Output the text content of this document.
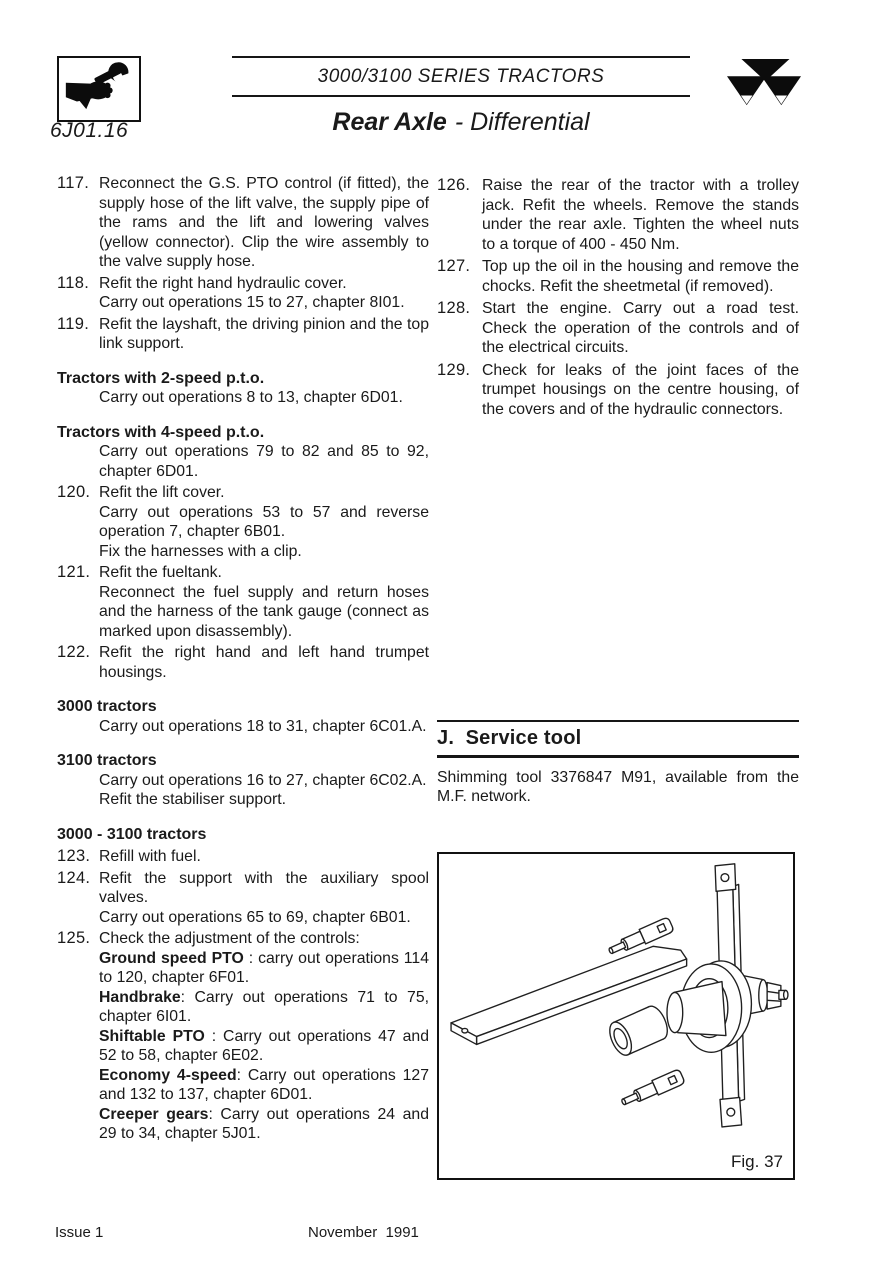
6J01.16
3000/3100 SERIES TRACTORS
Rear Axle - Differential
117. Reconnect the G.S. PTO control (if fitted), the supply hose of the lift valve, the supply pipe of the rams and the lift and lowering valves (yellow connector). Clip the wire assembly to the valve supply hose.

118. Refit the right hand hydraulic cover.

Carry out operations 15 to 27, chapter 8I01.

119. Refit the layshaft, the driving pinion and the top link support.

Tractors with 2-speed p.t.o.

Carry out operations 8 to 13, chapter 6D01.

Tractors with 4-speed p.t.o.

Carry out operations 79 to 82 and 85 to 92, chapter 6D01.

120. Refit the lift cover.

Carry out operations 53 to 57 and reverse operation 7, chapter 6B01.

Fix the harnesses with a clip.

121. Refit the fueltank.

Reconnect the fuel supply and return hoses and the harness of the tank gauge (connect as marked upon disassembly).

122. Refit the right hand and left hand trumpet housings.

3000 tractors

Carry out operations 18 to 31, chapter 6C01.A.

3100 tractors

Carry out operations 16 to 27, chapter 6C02.A.

Refit the stabiliser support.

3000 - 3100 tractors
123. Refill with fuel.

124. Refit the support with the auxiliary spool valves.

Carry out operations 65 to 69, chapter 6B01.

125. Check the adjustment of the controls:

Ground speed PTO : carry out operations 114 to 120, chapter 6F01.

Handbrake: Carry out operations 71 to 75, chapter 6I01.

Shiftable PTO : Carry out operations 47 and 52 to 58, chapter 6E02.

Economy 4-speed: Carry out operations 127 and 132 to 137, chapter 6D01.

Creeper gears: Carry out operations 24 and 29 to 34, chapter 5J01.

126. Raise the rear of the tractor with a trolley jack. Refit the wheels. Remove the stands under the rear axle. Tighten the wheel nuts to a torque of 400 - 450 Nm.

127. Top up the oil in the housing and remove the chocks. Refit the sheetmetal (if removed).

128. Start the engine. Carry out a road test. Check the operation of the controls and of the electrical circuits.

129. Check for leaks of the joint faces of the trumpet housings on the centre housing, of the covers and of the hydraulic connectors.

J.  Service tool

Shimming tool 3376847 M91, available from the M.F. network.

Fig. 37
Issue 1	November  1991
